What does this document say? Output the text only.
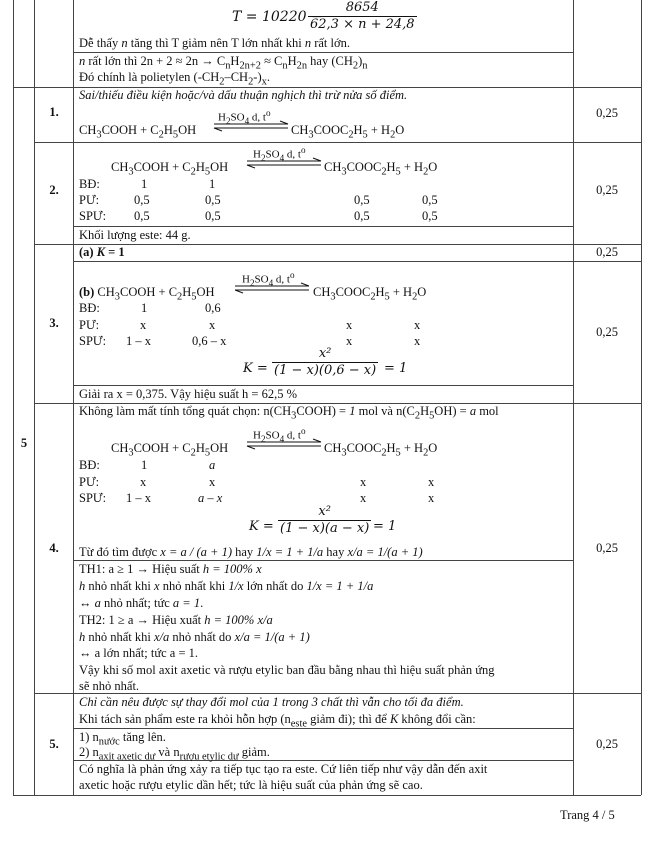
T = 10220 −
$\frac{8654}{62,3 \times n + 24,8}$
Dễ thấy n tăng thì T giảm nên T lớn nhất khi n rất lớn.
n rất lớn thì $2n + 2 \approx 2n \to C_nH_{2n+2} \approx C_nH_{2n}$ hay $(CH_2)_n$
Đó chính là polietylen $(-CH_2-CH_2-)_x$.
5
1.
Sai/thiếu điều kiện hoặc/và dấu thuận nghịch thì trừ nửa số điểm.
$H_2SO_4$ d, $t^o$
$CH_3COOH + C_2H_5OH$	$CH_3COOC_2H_5 + H_2O$
0,25
2.
$H_2SO_4$ d, $t^o$
$CH_3COOH + C_2H_5OH$	$CH_3COOC_2H_5 + H_2O$
BĐ:	1	1
PƯ:	0,5	0,5	0,5	0,5
SPƯ: 0,5	0,5	0,5	0,5
Khối lượng este: 44 g.
0,25
3.
(a) K = 1	0,25
$H_2SO_4$ d, $t^o$
(b) $CH_3COOH + C_2H_5OH$	$CH_3COOC_2H_5 + H_2O$
BĐ:	1	0,6
PƯ:	x	x	x	x
SPƯ: 1 – x	0,6 – x	x	x
$K = \frac{\text{x²}}{(1 - x)(0,6 - x)} = 1$
Giải ra x = 0,375. Vậy hiệu suất h = 62,5 %
0,25
4.
Không làm mất tính tổng quát chọn: $n(CH_3COOH) = 1$ mol và $n(C_2H_5OH) = a$ mol
$H_2SO_4$ d, $t^o$
$CH_3COOH + C_2H_5OH$	$CH_3COOC_2H_5 + H_2O$
BĐ:	1	a
PƯ:	x	x	x	x
SPƯ: 1 – x	a – x	x	x
$K = \frac{\text{x²}}{(1 - x)(a - x)} = 1$
Từ đó tìm được x = a / (a + 1) hay 1/x = 1 + 1/a hay x/a = 1/(a + 1)
TH1: a ≥ 1 → Hiệu suất h = 100% x
h nhỏ nhất khi x nhỏ nhất khi 1/x lớn nhất do 1/x = 1 + 1/a
↔ a nhỏ nhất; tức a = 1.
TH2: 1 ≥ a → Hiệu xuất h = 100% x/a
h nhỏ nhất khi x/a nhỏ nhất do x/a = 1/(a + 1)
↔ a lớn nhất; tức a = 1.
Vậy khi số mol axit axetic và rượu etylic ban đầu bằng nhau thì hiệu suất phản ứng
sẽ nhỏ nhất.
0,25
5.
Chỉ cần nêu được sự thay đổi mol của 1 trong 3 chất thì vẫn cho tối đa điểm.
Khi tách sản phẩm este ra khỏi hỗn hợp ($n_{este}$ giảm đi); thì để K không đổi cần:
1) $n_{nước}$ tăng lên.
2) $n_{axit axetic dư}$ và $n_{rượu etylic dư}$ giảm.
Có nghĩa là phản ứng xảy ra tiếp tục tạo ra este. Cứ liên tiếp như vậy dẫn đến axit
axetic hoặc rượu etylic dần hết; tức là hiệu suất của phản ứng sẽ cao.
0,25
Trang 4 / 5
